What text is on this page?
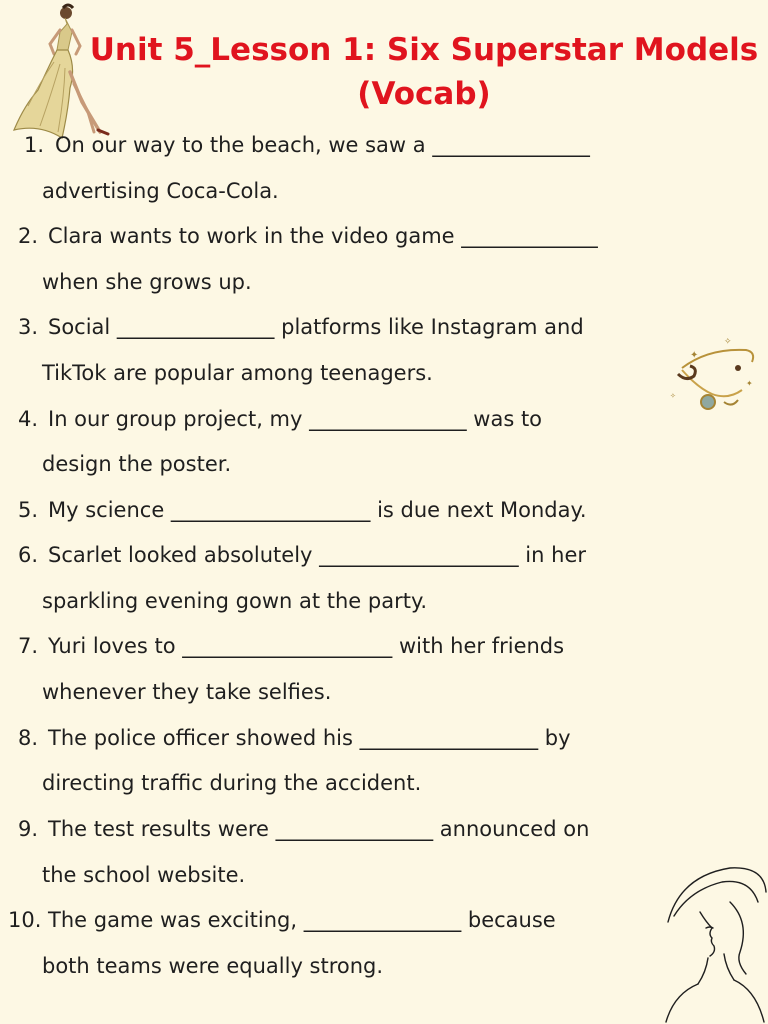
Unit 5_Lesson 1: Six Superstar Models
(Vocab)
✦
✦
✧
✧
1. On our way to the beach, we saw a _______________
advertising Coca-Cola.
2. Clara wants to work in the video game _____________
when she grows up.
3. Social _______________ platforms like Instagram and
TikTok are popular among teenagers.
4. In our group project, my _______________ was to
design the poster.
5. My science ___________________ is due next Monday.
6. Scarlet looked absolutely ___________________ in her
sparkling evening gown at the party.
7. Yuri loves to ____________________ with her friends
whenever they take selfies.
8. The police officer showed his _________________ by
directing traffic during the accident.
9. The test results were _______________ announced on
the school website.
10. The game was exciting, _______________ because
both teams were equally strong.
